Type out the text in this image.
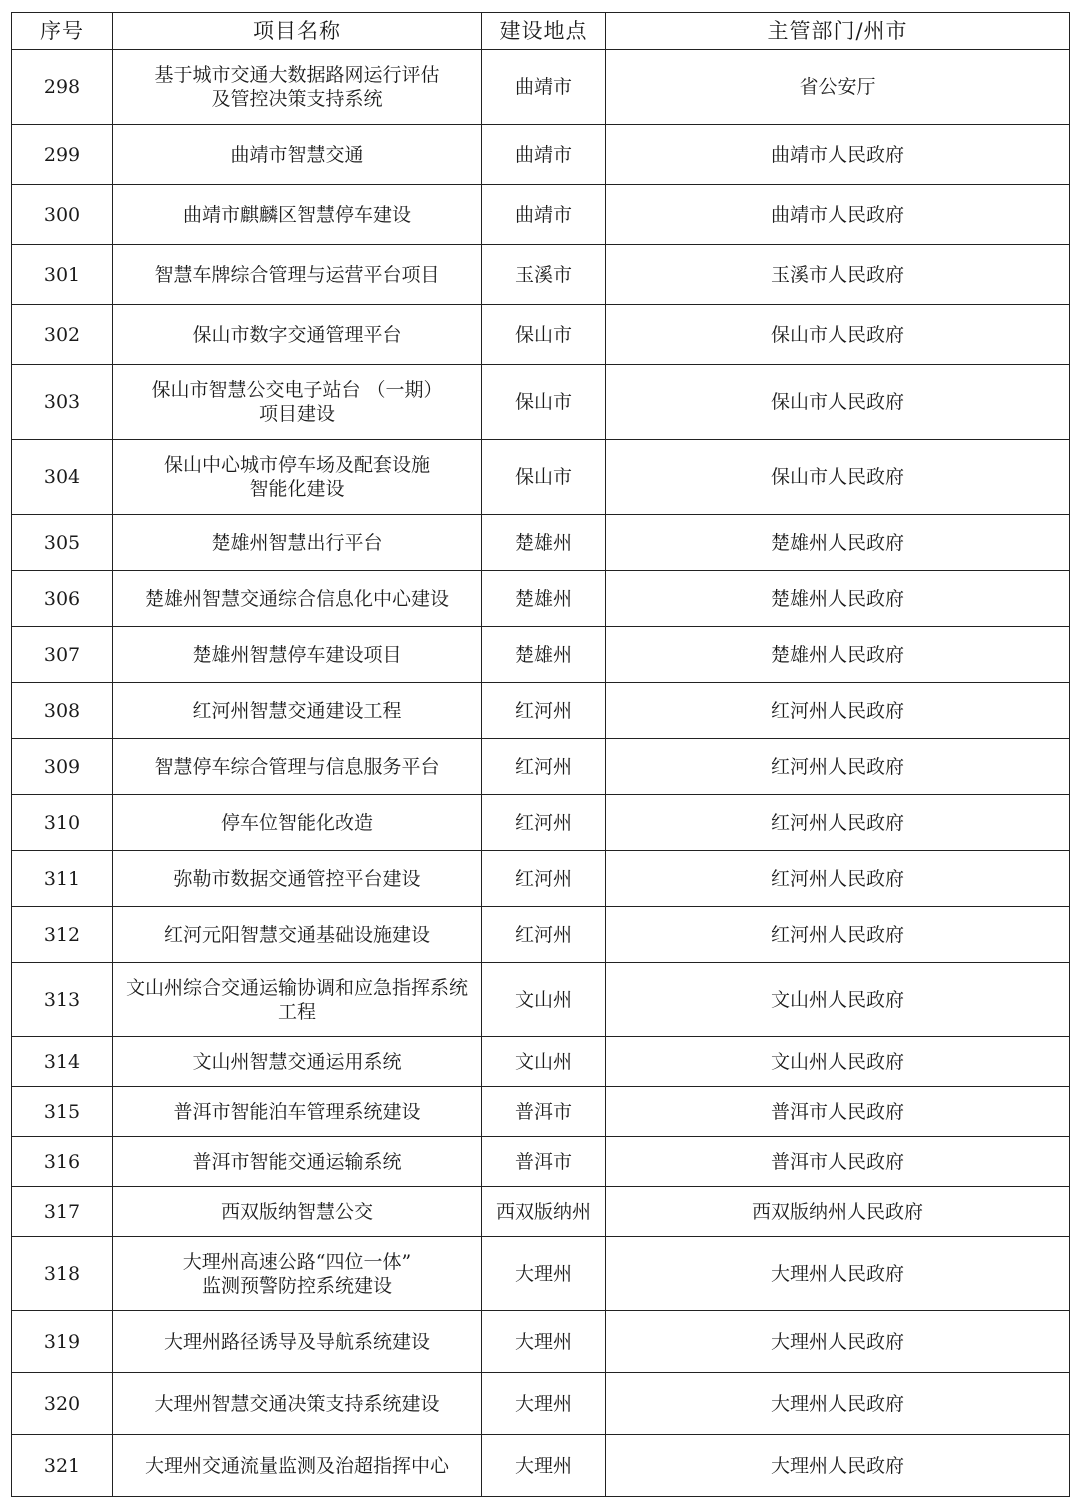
序号	项目名称	建设地点	主管部门/州市
298	基于城市交通大数据路网运行评估
及管控决策支持系统	曲靖市	省公安厅
299	曲靖市智慧交通	曲靖市	曲靖市人民政府
300	曲靖市麒麟区智慧停车建设	曲靖市	曲靖市人民政府
301	智慧车牌综合管理与运营平台项目	玉溪市	玉溪市人民政府
302	保山市数字交通管理平台	保山市	保山市人民政府
303	保山市智慧公交电子站台 （一期）
项目建设	保山市	保山市人民政府
304	保山中心城市停车场及配套设施
智能化建设	保山市	保山市人民政府
305	楚雄州智慧出行平台	楚雄州	楚雄州人民政府
306	楚雄州智慧交通综合信息化中心建设	楚雄州	楚雄州人民政府
307	楚雄州智慧停车建设项目	楚雄州	楚雄州人民政府
308	红河州智慧交通建设工程	红河州	红河州人民政府
309	智慧停车综合管理与信息服务平台	红河州	红河州人民政府
310	停车位智能化改造	红河州	红河州人民政府
311	弥勒市数据交通管控平台建设	红河州	红河州人民政府
312	红河元阳智慧交通基础设施建设	红河州	红河州人民政府
313	文山州综合交通运输协调和应急指挥系统
工程	文山州	文山州人民政府
314	文山州智慧交通运用系统	文山州	文山州人民政府
315	普洱市智能泊车管理系统建设	普洱市	普洱市人民政府
316	普洱市智能交通运输系统	普洱市	普洱市人民政府
317	西双版纳智慧公交	西双版纳州	西双版纳州人民政府
318	大理州高速公路“四位一体”
监测预警防控系统建设	大理州	大理州人民政府
319	大理州路径诱导及导航系统建设	大理州	大理州人民政府
320	大理州智慧交通决策支持系统建设	大理州	大理州人民政府
321	大理州交通流量监测及治超指挥中心	大理州	大理州人民政府
